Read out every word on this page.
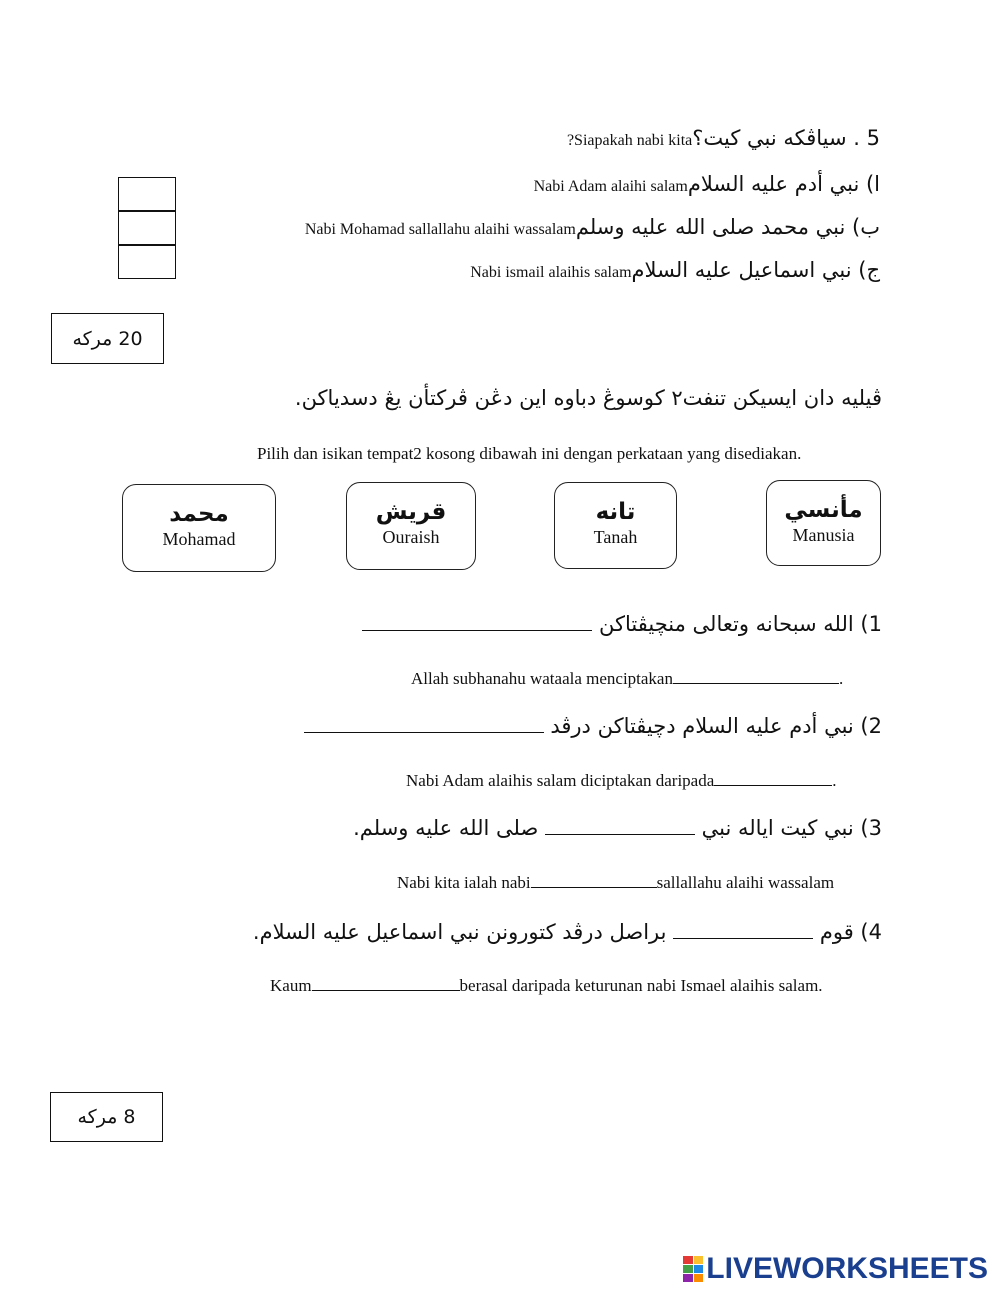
5 . سياڤكه نبي كيت؟Siapakah nabi kita?
ا) نبي أدم عليه السلامNabi Adam alaihi salam
ب) نبي محمد صلى الله عليه وسلمNabi Mohamad sallallahu alaihi wassalam
ج) نبي اسماعيل عليه السلامNabi ismail alaihis salam
20 مركه
ڤيليه دان ايسيكن تنفت٢ كوسوڠ دباوه اين دڠن ڤركتأن يڠ دسدياكن.
Pilih dan isikan tempat2 kosong dibawah ini dengan perkataan yang disediakan.
محمد
Mohamad
قريش
Ouraish
تانه
Tanah
مأنسي
Manusia
1) الله سبحانه وتعالى منچيڤتاكن
Allah subhanahu wataala menciptakan	.
2) نبي أدم عليه السلام دچيڤتاكن درڤد
Nabi Adam alaihis salam diciptakan daripada	.
3) نبي كيت اياله نبي  صلى الله عليه وسلم.
Nabi kita ialah nabi	sallallahu alaihi wassalam
4) قوم  براصل درڤد كتورونن نبي اسماعيل عليه السلام.
Kaum	berasal daripada keturunan nabi Ismael alaihis salam.
8 مركه
LIVEWORKSHEETS
